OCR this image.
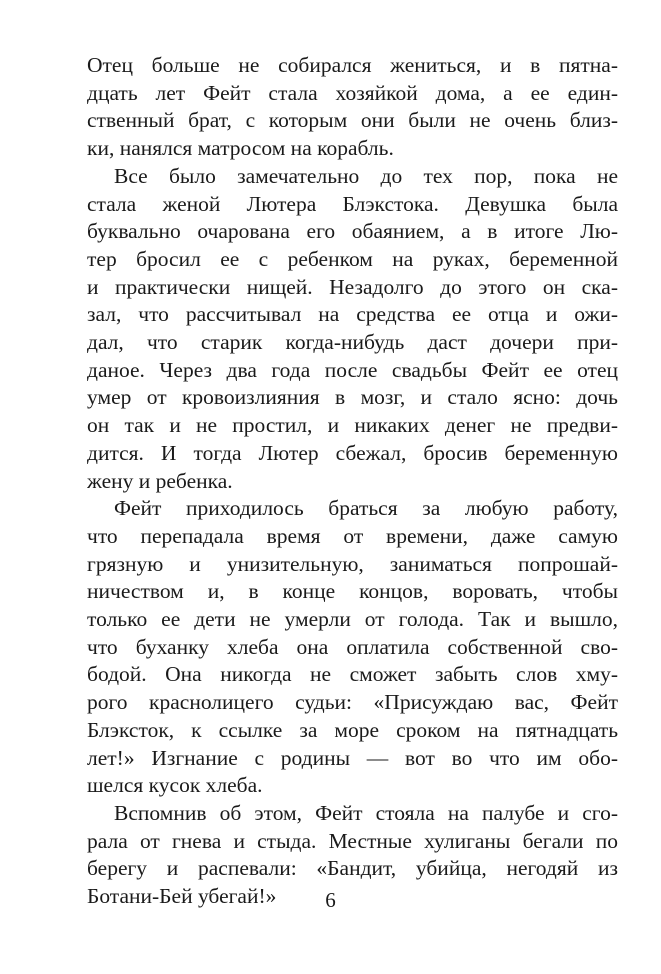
Отец больше не собирался жениться, и в пятна-
дцать лет Фейт стала хозяйкой дома, а ее един-
ственный брат, с которым они были не очень близ-
ки, нанялся матросом на корабль.
Все было замечательно до тех пор, пока не
стала женой Лютера Блэкстока. Девушка была
буквально очарована его обаянием, а в итоге Лю-
тер бросил ее с ребенком на руках, беременной
и практически нищей. Незадолго до этого он ска-
зал, что рассчитывал на средства ее отца и ожи-
дал, что старик когда-нибудь даст дочери при-
даное. Через два года после свадьбы Фейт ее отец
умер от кровоизлияния в мозг, и стало ясно: дочь
он так и не простил, и никаких денег не предви-
дится. И тогда Лютер сбежал, бросив беременную
жену и ребенка.
Фейт приходилось браться за любую работу,
что перепадала время от времени, даже самую
грязную и унизительную, заниматься попрошай-
ничеством и, в конце концов, воровать, чтобы
только ее дети не умерли от голода. Так и вышло,
что буханку хлеба она оплатила собственной сво-
бодой. Она никогда не сможет забыть слов хму-
рого краснолицего судьи: «Присуждаю вас, Фейт
Блэксток, к ссылке за море сроком на пятнадцать
лет!» Изгнание с родины — вот во что им обо-
шелся кусок хлеба.
Вспомнив об этом, Фейт стояла на палубе и сго-
рала от гнева и стыда. Местные хулиганы бегали по
берегу и распевали: «Бандит, убийца, негодяй из
Ботани-Бей убегай!»	6
